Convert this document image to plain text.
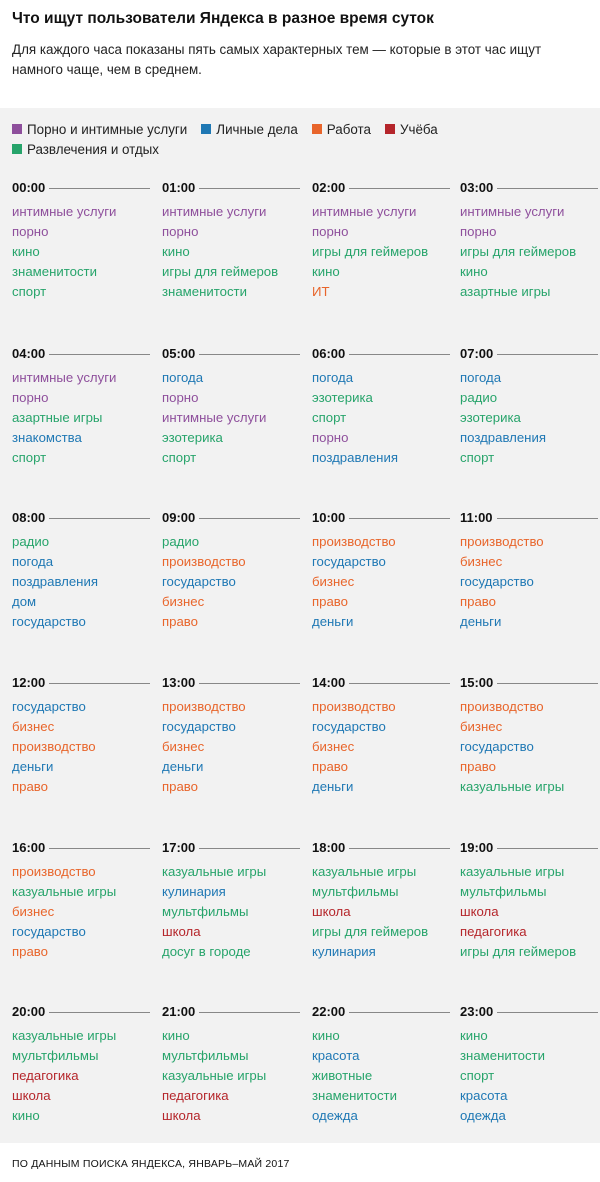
Что ищут пользователи Яндекса в разное время суток
Для каждого часа показаны пять самых характерных тем — которые в этот час ищут намного чаще, чем в среднем.
Порно и интимные услуги Личные дела Работа УчёбаРазвлечения и отдых
00:00
интимные услуги
порно
кино
знаменитости
спорт
01:00
интимные услуги
порно
кино
игры для геймеров
знаменитости
02:00
интимные услуги
порно
игры для геймеров
кино
ИТ
03:00
интимные услуги
порно
игры для геймеров
кино
азартные игры
04:00
интимные услуги
порно
азартные игры
знакомства
спорт
05:00
погода
порно
интимные услуги
эзотерика
спорт
06:00
погода
эзотерика
спорт
порно
поздравления
07:00
погода
радио
эзотерика
поздравления
спорт
08:00
радио
погода
поздравления
дом
государство
09:00
радио
производство
государство
бизнес
право
10:00
производство
государство
бизнес
право
деньги
11:00
производство
бизнес
государство
право
деньги
12:00
государство
бизнес
производство
деньги
право
13:00
производство
государство
бизнес
деньги
право
14:00
производство
государство
бизнес
право
деньги
15:00
производство
бизнес
государство
право
казуальные игры
16:00
производство
казуальные игры
бизнес
государство
право
17:00
казуальные игры
кулинария
мультфильмы
школа
досуг в городе
18:00
казуальные игры
мультфильмы
школа
игры для геймеров
кулинария
19:00
казуальные игры
мультфильмы
школа
педагогика
игры для геймеров
20:00
казуальные игры
мультфильмы
педагогика
школа
кино
21:00
кино
мультфильмы
казуальные игры
педагогика
школа
22:00
кино
красота
животные
знаменитости
одежда
23:00
кино
знаменитости
спорт
красота
одежда
ПО ДАННЫМ ПОИСКА ЯНДЕКСА, ЯНВАРЬ–МАЙ 2017
